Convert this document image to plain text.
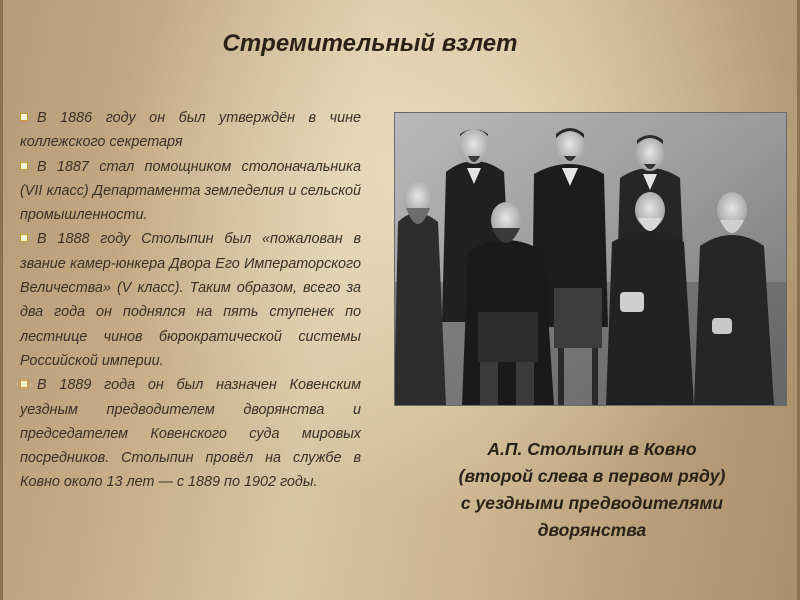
Стремительный взлет

В 1886 году он был утверждён в чине коллежского секретаря

В 1887 стал помощником столоначальника (VII класс) Департамента земледелия и сельской промышленности.

В 1888 году Столыпин был «пожалован в звание камер-юнкера Двора Его Императорского Величества» (V класс). Таким образом, всего за два года он поднялся на пять ступенек по лестнице чинов бюрократической системы Российской империи.

В 1889 года он был назначен Ковенским уездным предводителем дворянства и председателем Ковенского суда мировых посредников. Столыпин провёл на службе в Ковно около 13 лет — с 1889 по 1902 годы.

А.П. Столыпин в Ковно
(второй слева в первом ряду)
с уездными предводителями
дворянства
